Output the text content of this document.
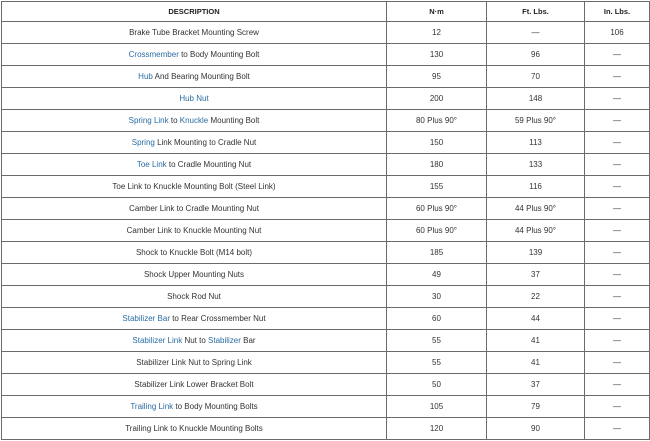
DESCRIPTION	N·m	Ft. Lbs.	In. Lbs.
Brake Tube Bracket Mounting Screw	12	—	106
Crossmember to Body Mounting Bolt	130	96	—
Hub And Bearing Mounting Bolt	95	70	—
Hub Nut	200	148	—
Spring Link to Knuckle Mounting Bolt	80 Plus 90°	59 Plus 90°	—
Spring Link Mounting to Cradle Nut	150	113	—
Toe Link to Cradle Mounting Nut	180	133	—
Toe Link to Knuckle Mounting Bolt (Steel Link)	155	116	—
Camber Link to Cradle Mounting Nut	60 Plus 90°	44 Plus 90°	—
Camber Link to Knuckle Mounting Nut	60 Plus 90°	44 Plus 90°	—
Shock to Knuckle Bolt (M14 bolt)	185	139	—
Shock Upper Mounting Nuts	49	37	—
Shock Rod Nut	30	22	—
Stabilizer Bar to Rear Crossmember Nut	60	44	—
Stabilizer Link Nut to Stabilizer Bar	55	41	—
Stabilizer Link Nut to Spring Link	55	41	—
Stabilizer Link Lower Bracket Bolt	50	37	—
Trailing Link to Body Mounting Bolts	105	79	—
Trailing Link to Knuckle Mounting Bolts	120	90	—
